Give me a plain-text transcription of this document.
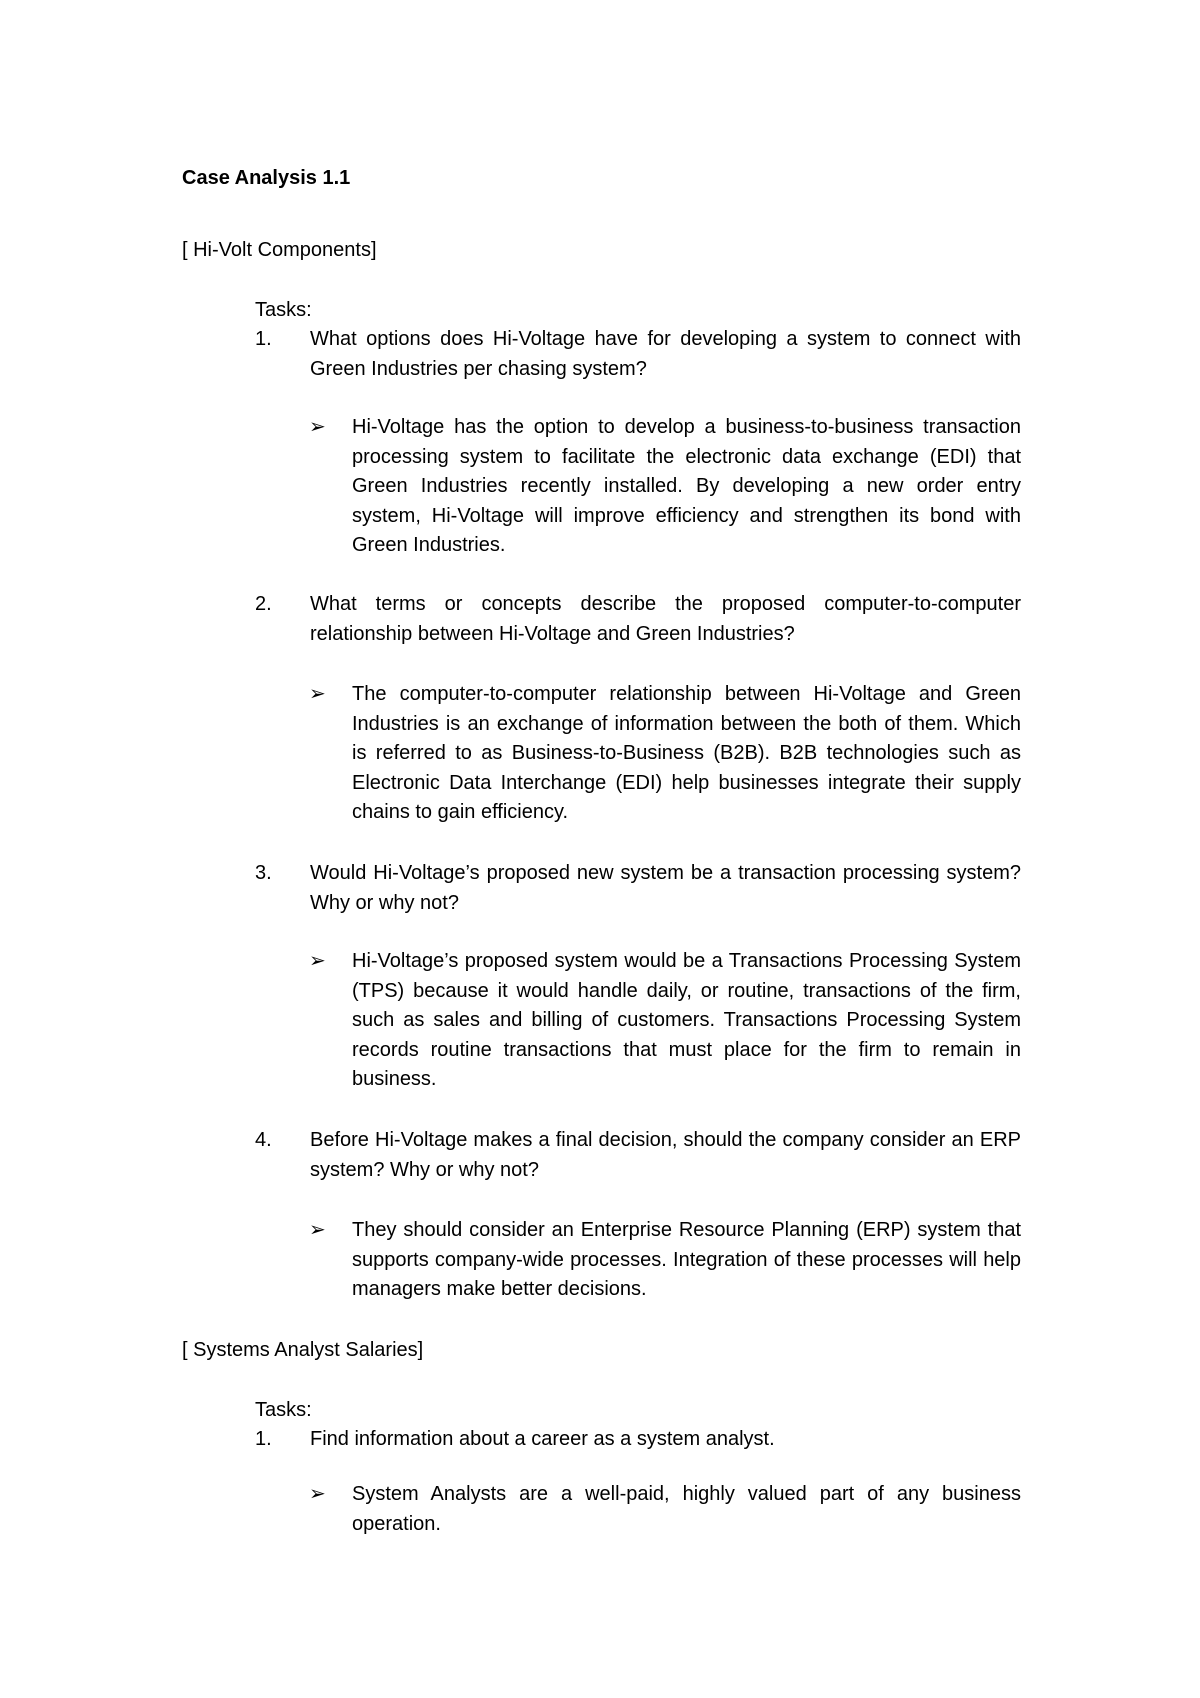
Case Analysis 1.1

[ Hi-Volt Components]

Tasks:

1.	What options does Hi-Voltage have for developing a system to connect with Green Industries per chasing system?
➢	Hi-Voltage has the option to develop a business-to-business transaction processing system to facilitate the electronic data exchange (EDI) that Green Industries recently installed. By developing a new order entry system, Hi-Voltage will improve efficiency and strengthen its bond with Green Industries.
2.	What terms or concepts describe the proposed computer-to-computer relationship between Hi-Voltage and Green Industries?
➢	The computer-to-computer relationship between Hi-Voltage and Green Industries is an exchange of information between the both of them. Which is referred to as Business-to-Business (B2B). B2B technologies such as Electronic Data Interchange (EDI) help businesses integrate their supply chains to gain efficiency.
3.	Would Hi-Voltage’s proposed new system be a transaction processing system? Why or why not?
➢	Hi-Voltage’s proposed system would be a Transactions Processing System (TPS) because it would handle daily, or routine, transactions of the firm, such as sales and billing of customers. Transactions Processing System records routine transactions that must place for the firm to remain in business.
4.	Before Hi-Voltage makes a final decision, should the company consider an ERP system? Why or why not?
➢	They should consider an Enterprise Resource Planning (ERP) system that supports company-wide processes. Integration of these processes will help managers make better decisions.

[ Systems Analyst Salaries]

Tasks:

1.	Find information about a career as a system analyst.
➢	System Analysts are a well-paid, highly valued part of any business operation.
